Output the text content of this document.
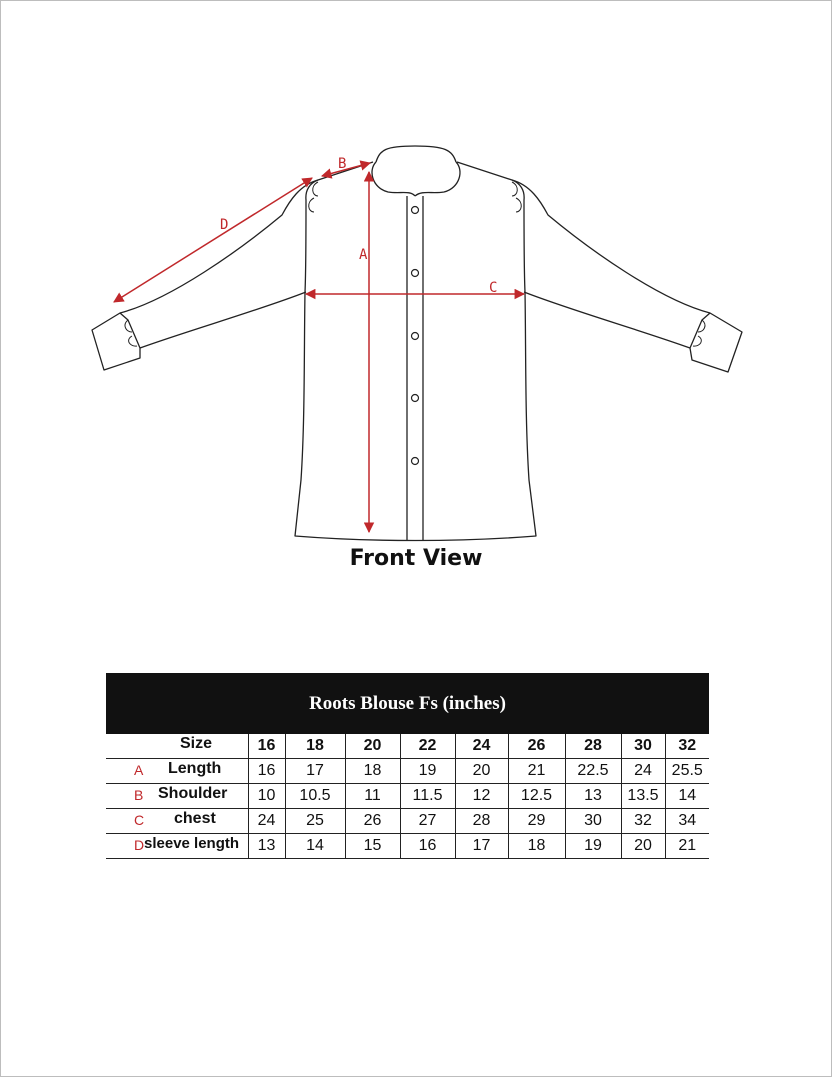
A
B
C
D
Front View
Roots Blouse Fs (inches)
Size	16	18	20	22	24	26	28	30	32

A Length	16	17	18	19	20	21	22.5	24	25.5

B Shoulder	10	10.5	11	11.5	12	12.5	13	13.5	14

C chest	24	25	26	27	28	29	30	32	34

D sleeve length	13	14	15	16	17	18	19	20	21
